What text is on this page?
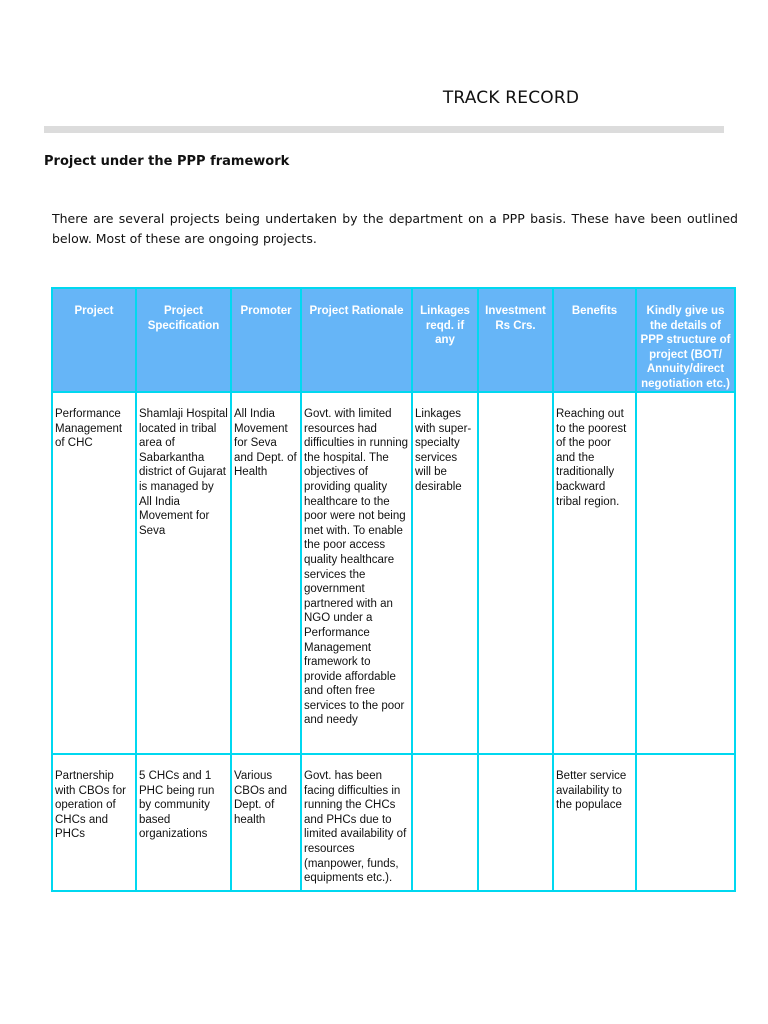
TRACK RECORD
Project under the PPP framework
There are several projects being undertaken by the department on a PPP basis. These have been outlined below. Most of these are ongoing projects.
Project	Project Specification	Promoter	Project Rationale	Linkages reqd. if any	Investment Rs Crs.	Benefits	Kindly give us the details of PPP structure of project (BOT/ Annuity/direct negotiation etc.)
Performance Management of CHC	Shamlaji Hospital located in tribal area of Sabarkantha district of Gujarat is managed by All India Movement for Seva	All India Movement for Seva and Dept. of Health	Govt. with limited resources had difficulties in running the hospital. The objectives of providing quality healthcare to the poor were not being met with. To enable the poor access quality healthcare services the government partnered with an NGO under a Performance Management framework to provide affordable and often free services to the poor and needy	Linkages with super-specialty services will be desirable		Reaching out to the poorest of the poor and the traditionally backward tribal region.	
Partnership with CBOs for operation of CHCs and PHCs	5 CHCs and 1 PHC being run by community based organizations	Various CBOs and Dept. of health	Govt. has been facing difficulties in running the CHCs and PHCs due to limited availability of resources (manpower, funds, equipments etc.).			Better service availability to the populace	
